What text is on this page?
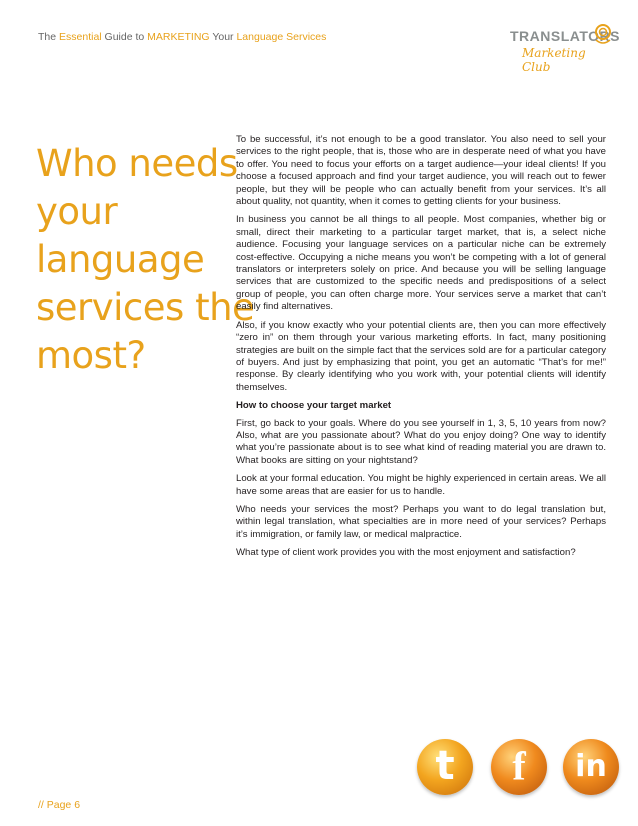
The Essential Guide to MARKETING Your Language Services	TRANSLATORS
Marketing Club
Who needs
your
language
services the
most?

To be successful, it’s not enough to be a good translator. You also need to sell your services to the right people, that is, those who are in desperate need of what you have to offer. You need to focus your efforts on a target audience—your ideal clients! If you choose a focused approach and find your target audience, you will reach out to fewer people, but they will be people who can actually benefit from your services. It’s all about quality, not quantity, when it comes to getting clients for your business.

In business you cannot be all things to all people. Most companies, whether big or small, direct their marketing to a particular target market, that is, a select niche audience. Focusing your language services on a particular niche can be extremely cost-effective. Occupying a niche means you won’t be competing with a lot of general translators or interpreters solely on price. And because you will be selling language services that are customized to the specific needs and predispositions of a select group of people, you can often charge more. Your services serve a market that can’t easily find alternatives.

Also, if you know exactly who your potential clients are, then you can more effectively “zero in” on them through your various marketing efforts. In fact, many positioning strategies are built on the simple fact that the services sold are for a particular category of buyers. And just by emphasizing that point, you get an automatic “That’s for me!” response. By clearly identifying who you work with, your potential clients will identify themselves.

How to choose your target market

First, go back to your goals. Where do you see yourself in 1, 3, 5, 10 years from now? Also, what are you passionate about? What do you enjoy doing? One way to identify what you’re passionate about is to see what kind of reading material you are drawn to. What books are sitting on your nightstand?

Look at your formal education. You might be highly experienced in certain areas. We all have some areas that are easier for us to handle.

Who needs your services the most? Perhaps you want to do legal translation but, within legal translation, what specialties are in more need of your services? Perhaps it’s immigration, or family law, or medical malpractice.

What type of client work provides you with the most enjoyment and satisfaction?

t	f	in
// Page 6
